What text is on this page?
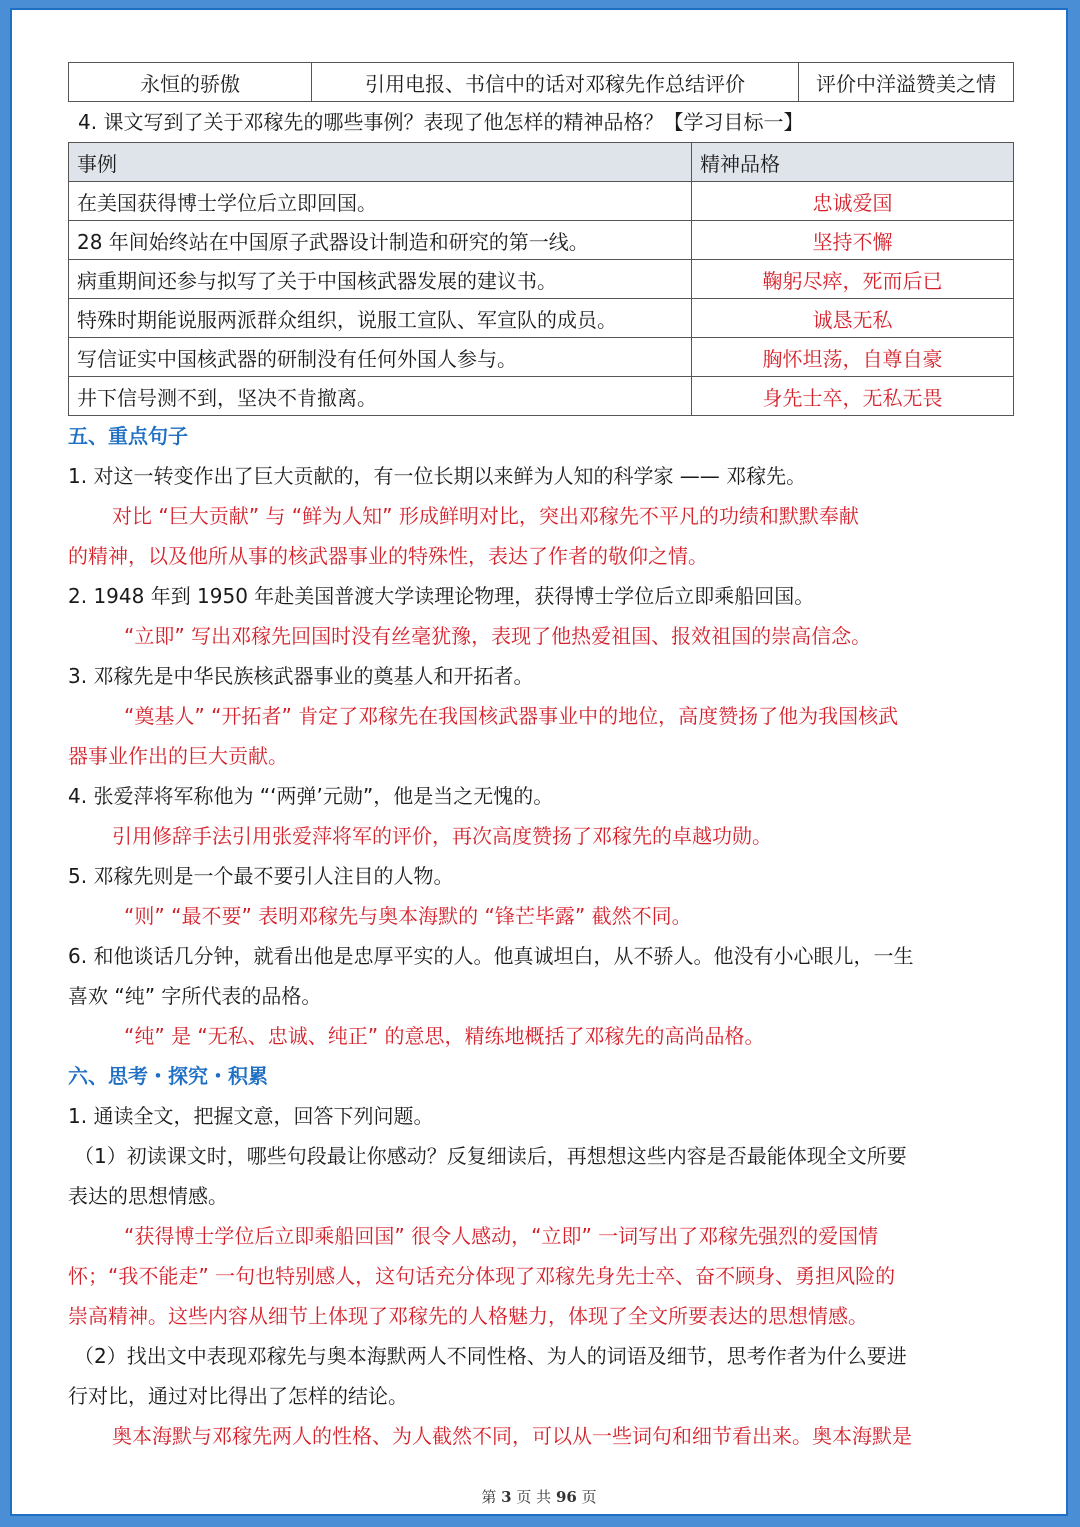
永恒的骄傲	引用电报、书信中的话对邓稼先作总结评价	评价中洋溢赞美之情
4. 课文写到了关于邓稼先的哪些事例？表现了他怎样的精神品格？【学习目标一】
事例	精神品格
在美国获得博士学位后立即回国。	忠诚爱国
28 年间始终站在中国原子武器设计制造和研究的第一线。	坚持不懈
病重期间还参与拟写了关于中国核武器发展的建议书。	鞠躬尽瘁，死而后已
特殊时期能说服两派群众组织，说服工宣队、军宣队的成员。	诚恳无私
写信证实中国核武器的研制没有任何外国人参与。	胸怀坦荡，自尊自豪
井下信号测不到，坚决不肯撤离。	身先士卒，无私无畏
五、重点句子
1. 对这一转变作出了巨大贡献的，有一位长期以来鲜为人知的科学家 —— 邓稼先。
对比 “巨大贡献” 与 “鲜为人知” 形成鲜明对比，突出邓稼先不平凡的功绩和默默奉献
的精神，以及他所从事的核武器事业的特殊性，表达了作者的敬仰之情。
2. 1948 年到 1950 年赴美国普渡大学读理论物理，获得博士学位后立即乘船回国。
“立即” 写出邓稼先回国时没有丝毫犹豫，表现了他热爱祖国、报效祖国的崇高信念。
3. 邓稼先是中华民族核武器事业的奠基人和开拓者。
“奠基人” “开拓者” 肯定了邓稼先在我国核武器事业中的地位，高度赞扬了他为我国核武
器事业作出的巨大贡献。
4. 张爱萍将军称他为 “‘两弹’元勋”，他是当之无愧的。
引用修辞手法引用张爱萍将军的评价，再次高度赞扬了邓稼先的卓越功勋。
5. 邓稼先则是一个最不要引人注目的人物。
“则” “最不要” 表明邓稼先与奥本海默的 “锋芒毕露” 截然不同。
6. 和他谈话几分钟，就看出他是忠厚平实的人。他真诚坦白，从不骄人。他没有小心眼儿，一生
喜欢 “纯” 字所代表的品格。
“纯” 是 “无私、忠诚、纯正” 的意思，精练地概括了邓稼先的高尚品格。
六、思考・探究・积累
1. 通读全文，把握文意，回答下列问题。
（1）初读课文时，哪些句段最让你感动？反复细读后，再想想这些内容是否最能体现全文所要
表达的思想情感。
“获得博士学位后立即乘船回国” 很令人感动，“立即” 一词写出了邓稼先强烈的爱国情
怀；“我不能走” 一句也特别感人，这句话充分体现了邓稼先身先士卒、奋不顾身、勇担风险的
崇高精神。这些内容从细节上体现了邓稼先的人格魅力，体现了全文所要表达的思想情感。
（2）找出文中表现邓稼先与奥本海默两人不同性格、为人的词语及细节，思考作者为什么要进
行对比，通过对比得出了怎样的结论。
奥本海默与邓稼先两人的性格、为人截然不同，可以从一些词句和细节看出来。奥本海默是
第 3 页 共 96 页
